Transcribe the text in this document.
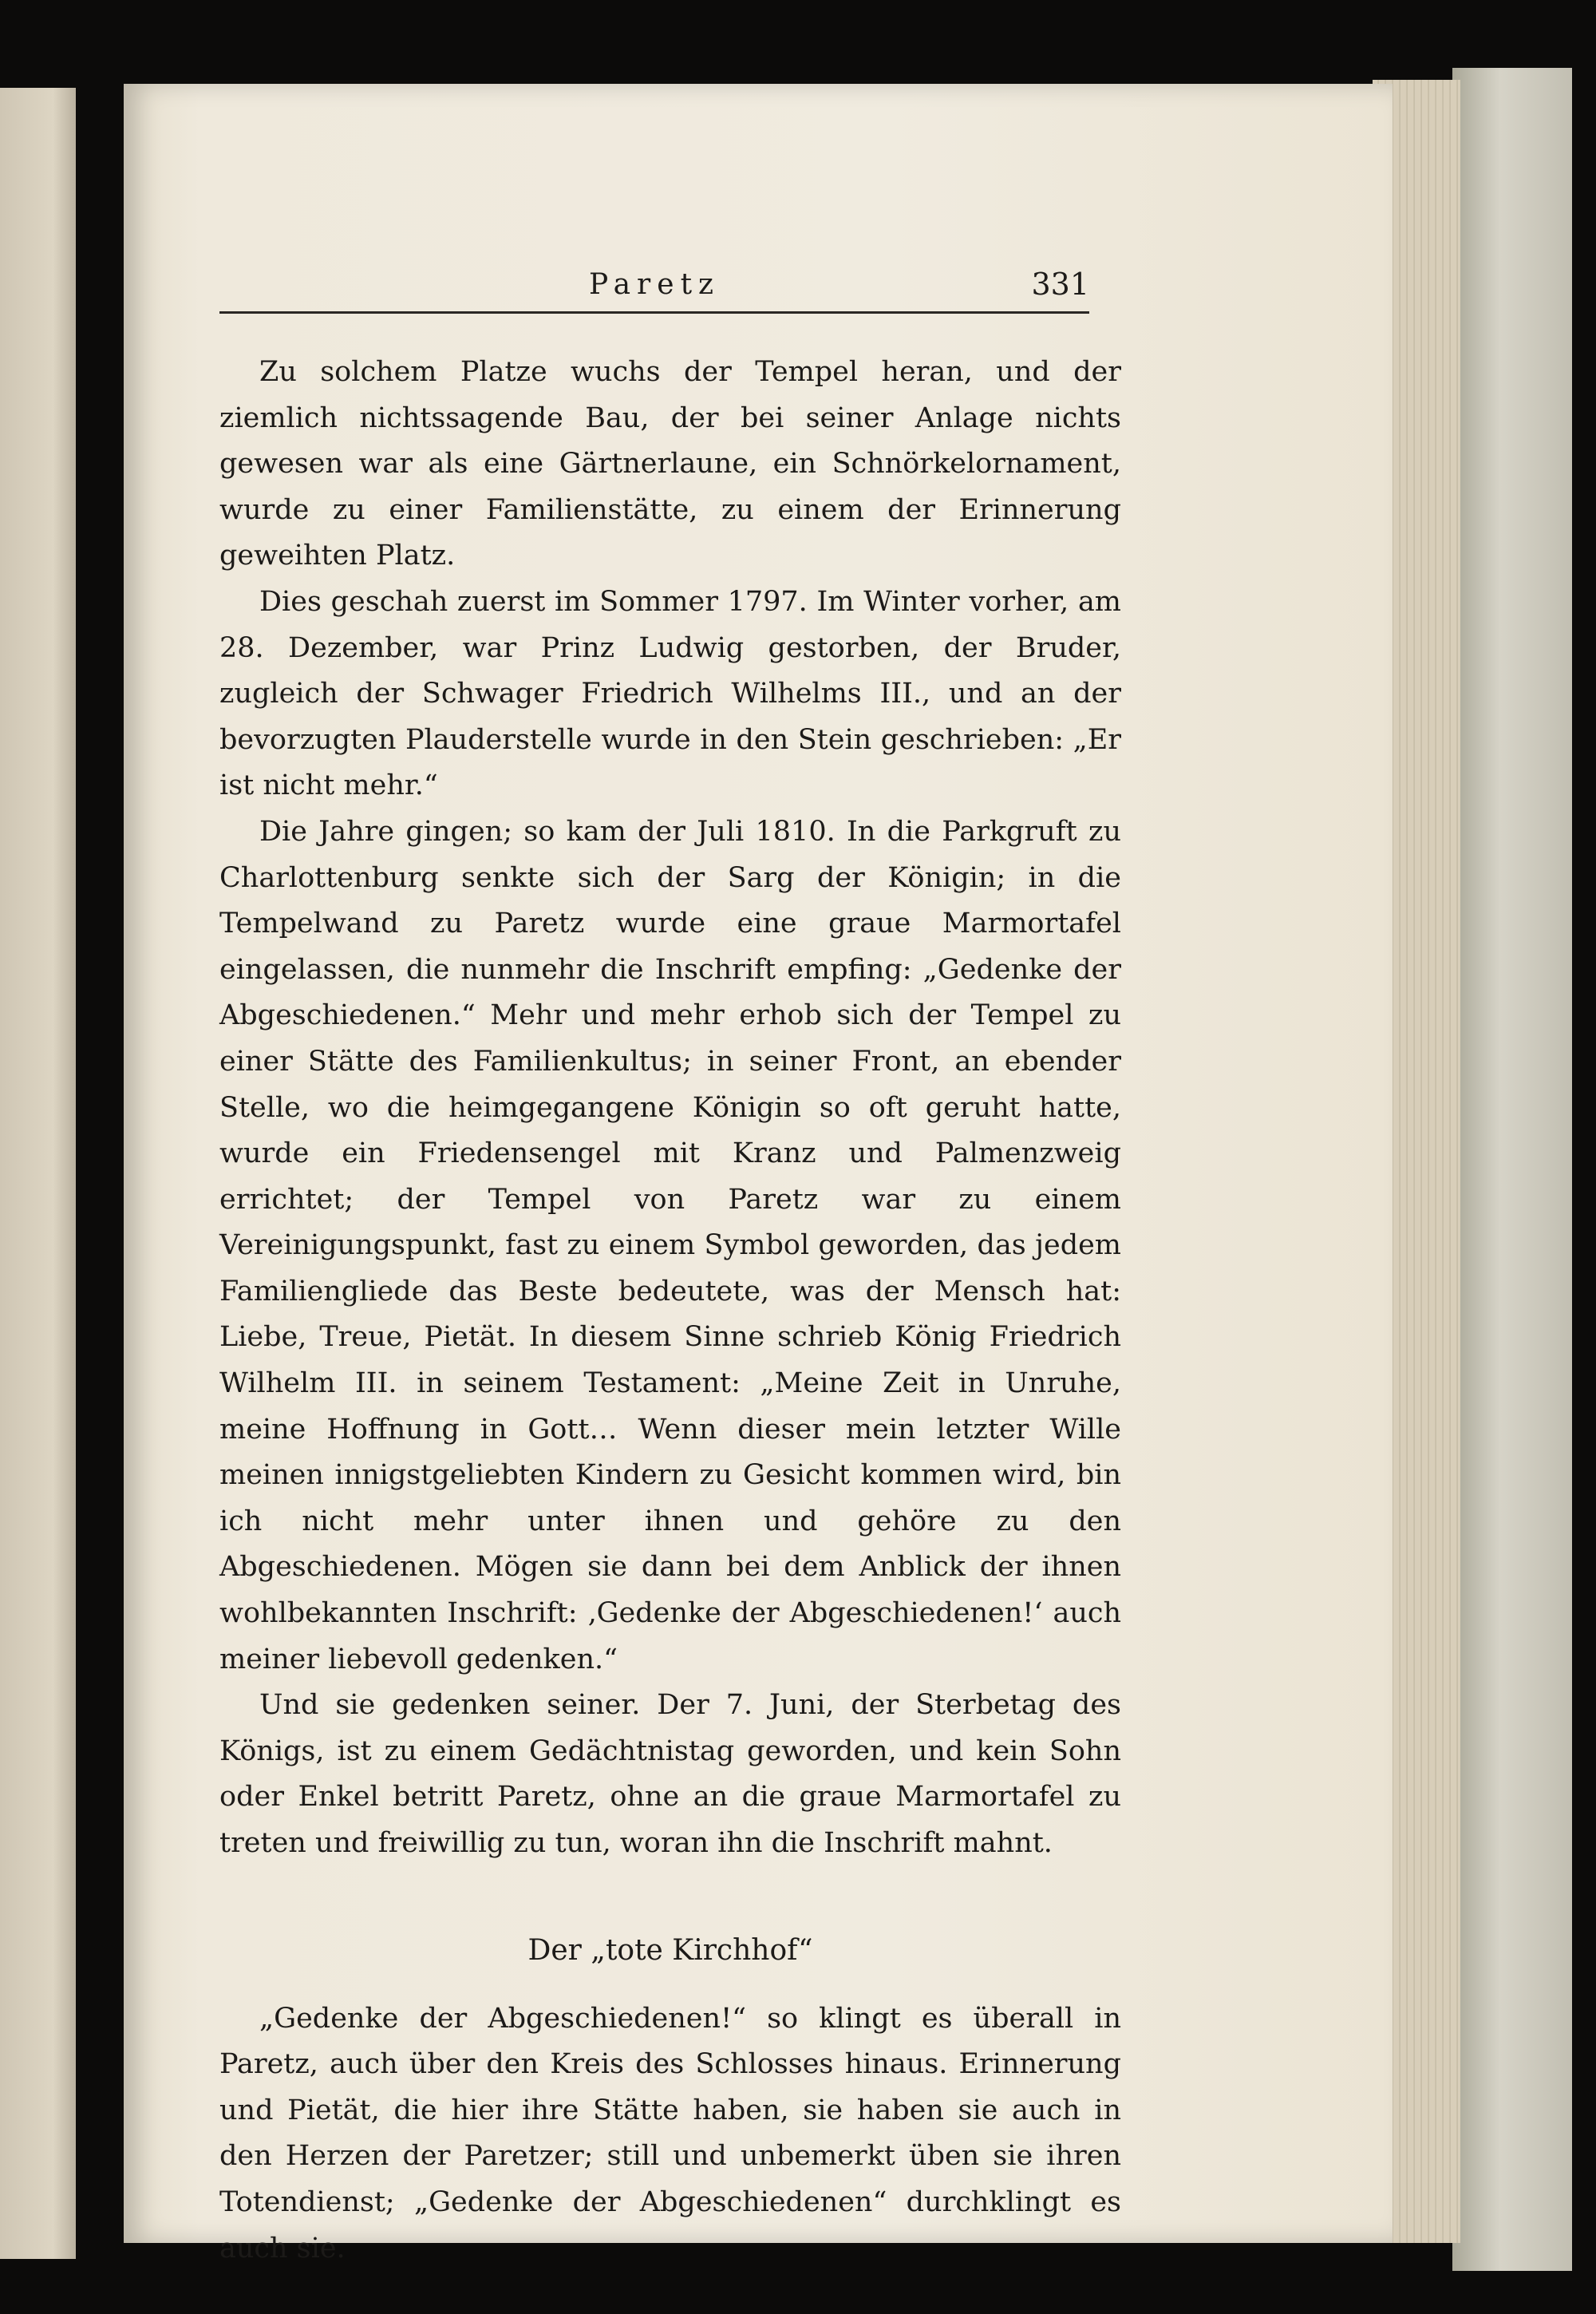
Paretz	331

Zu solchem Platze wuchs der Tempel heran, und der ziemlich nichtssagende Bau, der bei seiner Anlage nichts gewesen war als eine Gärtnerlaune, ein Schnörkelornament, wurde zu einer Familienstätte, zu einem der Erinnerung geweihten Platz.

Dies geschah zuerst im Sommer 1797. Im Winter vorher, am 28. Dezember, war Prinz Ludwig gestorben, der Bruder, zugleich der Schwager Friedrich Wilhelms III., und an der bevorzugten Plauderstelle wurde in den Stein geschrieben: „Er ist nicht mehr.“

Die Jahre gingen; so kam der Juli 1810. In die Parkgruft zu Charlottenburg senkte sich der Sarg der Königin; in die Tempelwand zu Paretz wurde eine graue Marmortafel eingelassen, die nunmehr die Inschrift empfing: „Gedenke der Abgeschiedenen.“ Mehr und mehr erhob sich der Tempel zu einer Stätte des Familienkultus; in seiner Front, an ebender Stelle, wo die heimgegangene Königin so oft geruht hatte, wurde ein Friedensengel mit Kranz und Palmenzweig errichtet; der Tempel von Paretz war zu einem Vereinigungspunkt, fast zu einem Symbol geworden, das jedem Familiengliede das Beste bedeutete, was der Mensch hat: Liebe, Treue, Pietät. In diesem Sinne schrieb König Friedrich Wilhelm III. in seinem Testament: „Meine Zeit in Unruhe, meine Hoffnung in Gott… Wenn dieser mein letzter Wille meinen innigstgeliebten Kindern zu Gesicht kommen wird, bin ich nicht mehr unter ihnen und gehöre zu den Abgeschiedenen. Mögen sie dann bei dem Anblick der ihnen wohlbekannten Inschrift: ‚Gedenke der Abgeschiedenen!‘ auch meiner liebevoll gedenken.“

Und sie gedenken seiner. Der 7. Juni, der Sterbetag des Königs, ist zu einem Gedächtnistag geworden, und kein Sohn oder Enkel betritt Paretz, ohne an die graue Marmortafel zu treten und freiwillig zu tun, woran ihn die Inschrift mahnt.

Der „tote Kirchhof“

„Gedenke der Abgeschiedenen!“ so klingt es überall in Paretz, auch über den Kreis des Schlosses hinaus. Erinnerung und Pietät, die hier ihre Stätte haben, sie haben sie auch in den Herzen der Paretzer; still und unbemerkt üben sie ihren Totendienst; „Gedenke der Abgeschiedenen“ durchklingt es auch sie.
